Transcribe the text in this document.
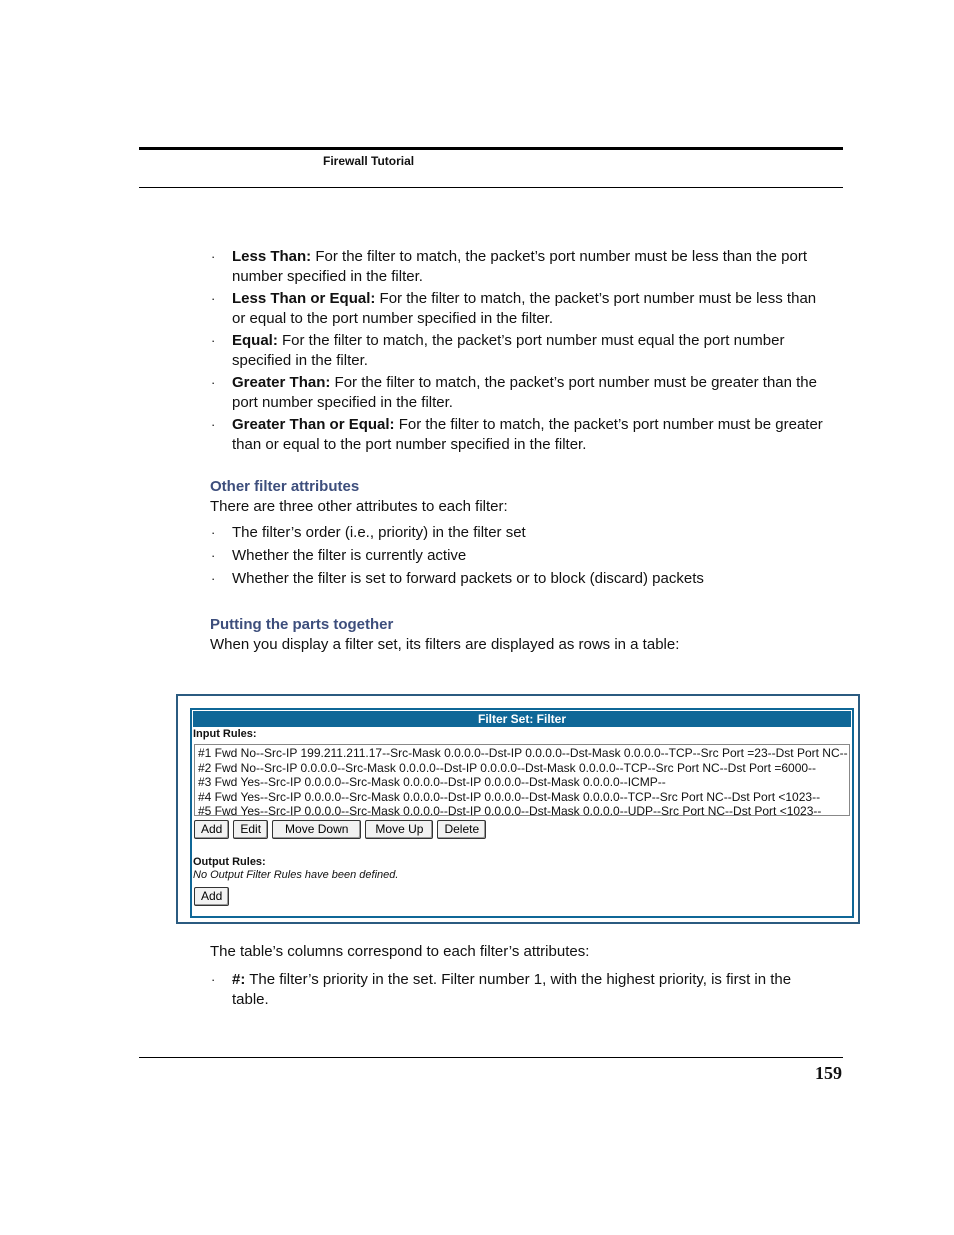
Firewall Tutorial
· Less Than: For the filter to match, the packet’s port number must be less than the port number specified in the filter.
· Less Than or Equal: For the filter to match, the packet’s port number must be less than or equal to the port number specified in the filter.
· Equal: For the filter to match, the packet’s port number must equal the port number specified in the filter.
· Greater Than: For the filter to match, the packet’s port number must be greater than the port number specified in the filter.
· Greater Than or Equal: For the filter to match, the packet’s port number must be greater than or equal to the port number specified in the filter.
Other filter attributes

There are three other attributes to each filter:

· The filter’s order (i.e., priority) in the filter set
· Whether the filter is currently active
· Whether the filter is set to forward packets or to block (discard) packets
Putting the parts together

When you display a filter set, its filters are displayed as rows in a table:

Filter Set: Filter
Input Rules:
#1 Fwd No--Src-IP 199.211.211.17--Src-Mask 0.0.0.0--Dst-IP 0.0.0.0--Dst-Mask 0.0.0.0--TCP--Src Port =23--Dst Port NC--
#2 Fwd No--Src-IP 0.0.0.0--Src-Mask 0.0.0.0--Dst-IP 0.0.0.0--Dst-Mask 0.0.0.0--TCP--Src Port NC--Dst Port =6000--
#3 Fwd Yes--Src-IP 0.0.0.0--Src-Mask 0.0.0.0--Dst-IP 0.0.0.0--Dst-Mask 0.0.0.0--ICMP--
#4 Fwd Yes--Src-IP 0.0.0.0--Src-Mask 0.0.0.0--Dst-IP 0.0.0.0--Dst-Mask 0.0.0.0--TCP--Src Port NC--Dst Port <1023--
#5 Fwd Yes--Src-IP 0.0.0.0--Src-Mask 0.0.0.0--Dst-IP 0.0.0.0--Dst-Mask 0.0.0.0--UDP--Src Port NC--Dst Port <1023--
Add	Edit	Move Down	Move Up	Delete
Output Rules:
No Output Filter Rules have been defined.
Add

The table’s columns correspond to each filter’s attributes:

· #: The filter’s priority in the set. Filter number 1, with the highest priority, is first in the table.
159
